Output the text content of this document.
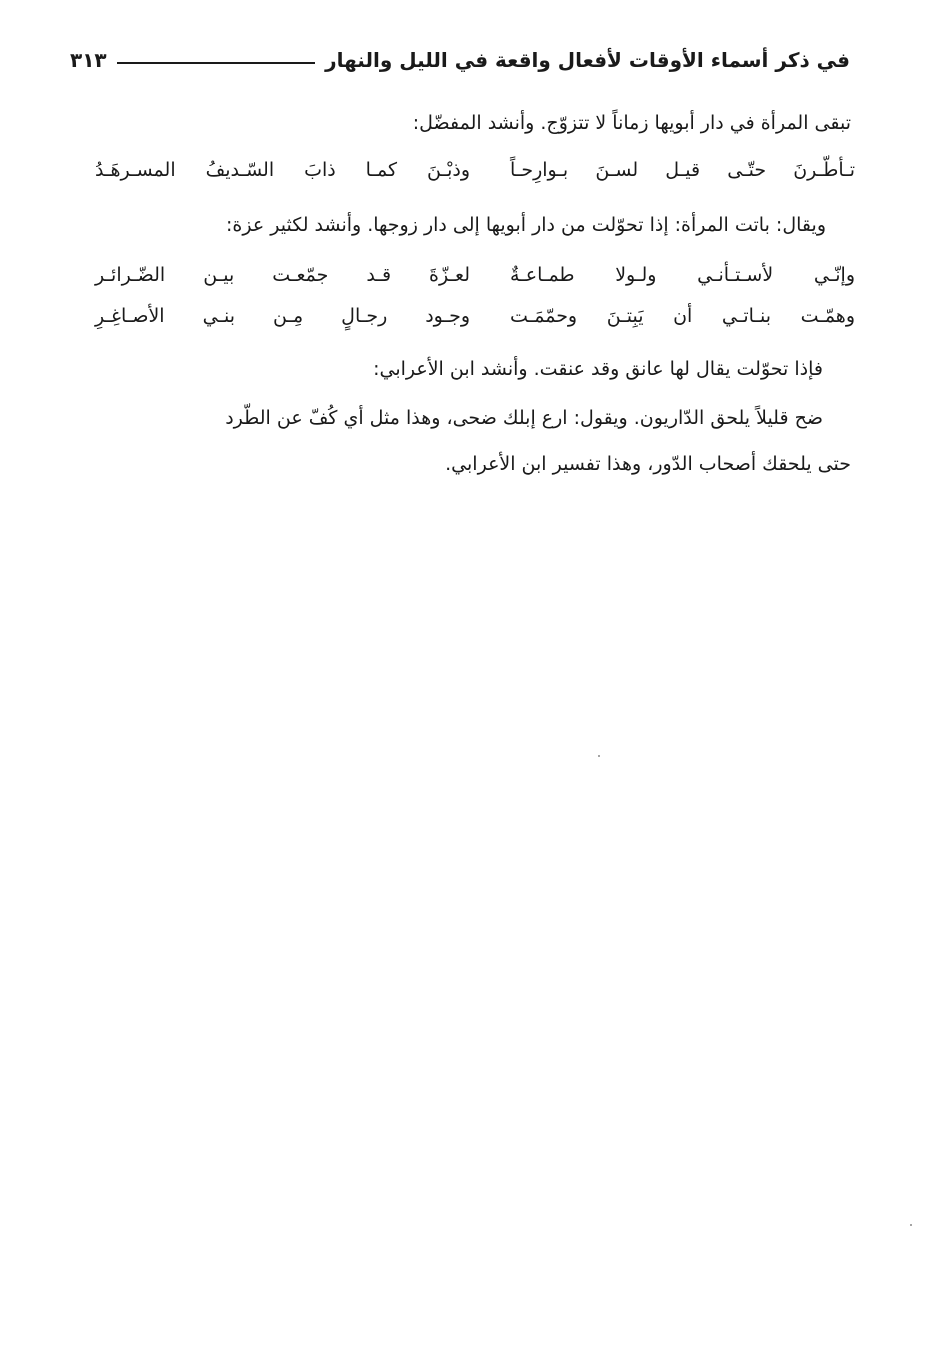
في ذكر أسماء الأوقات لأفعال واقعة في الليل والنهار
٣١٣
تبقى المرأة في دار أبويها زماناً لا تتزوّج. وأنشد المفضّل:
تـأطّـرنَ حتّـى قيـل لسـنَ بـوارِحـاً
وذبْـنَ كمـا ذابَ السّـديفُ المسـرهَـدُ
ويقال: باتت المرأة: إذا تحوّلت من دار أبويها إلى دار زوجها. وأنشد لكثير عزة:
وإنّـي لأسـتـأنـي ولـولا طمـاعـةٌ
لعـزّةَ قـد جمّعـت بيـن الضّـرائـر
وهمّـت بنـاتـي أن يَبِتـنَ وحمّمَـت
وجـود رجـالٍ مِـن بنـي الأصـاغِـرِ
فإذا تحوّلت يقال لها عانق وقد عنقت. وأنشد ابن الأعرابي:
ضح قليلاً يلحق الدّاريون. ويقول: ارع إبلك ضحى، وهذا مثل أي كُفّ عن الطّرد
حتى يلحقك أصحاب الدّور، وهذا تفسير ابن الأعرابي.
